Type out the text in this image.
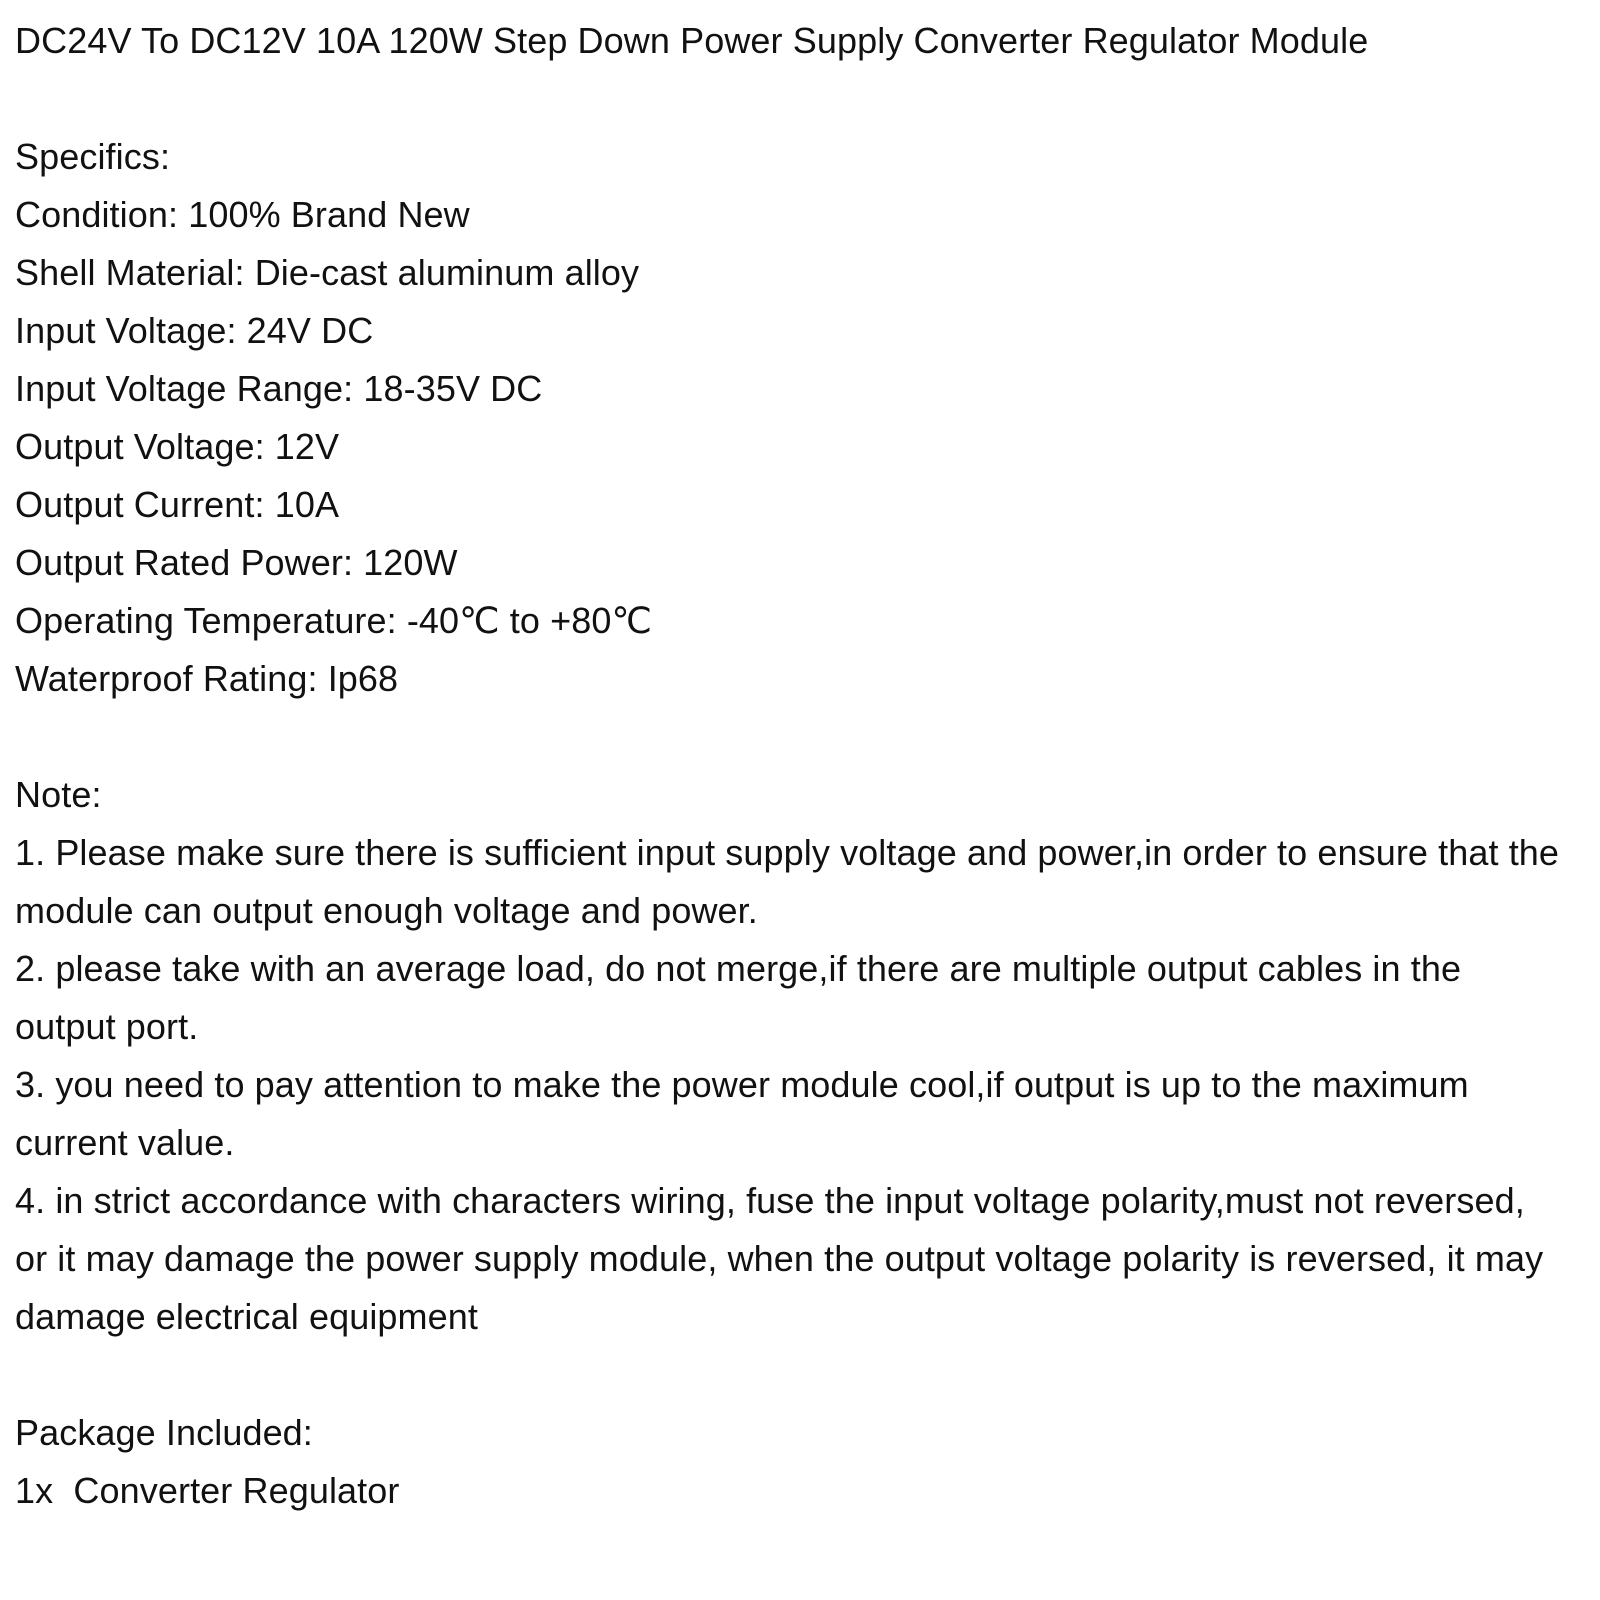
DC24V To DC12V 10A 120W Step Down Power Supply Converter Regulator Module
Specifics:
Condition: 100% Brand New
Shell Material: Die-cast aluminum alloy
Input Voltage: 24V DC
Input Voltage Range: 18-35V DC
Output Voltage: 12V
Output Current: 10A
Output Rated Power: 120W
Operating Temperature: -40℃ to +80℃
Waterproof Rating: Ip68
Note:
1. Please make sure there is sufficient input supply voltage and power,in order to ensure that the module can output enough voltage and power.
2. please take with an average load, do not merge,if there are multiple output cables in the output port.
3. you need to pay attention to make the power module cool,if output is up to the maximum current value.
4. in strict accordance with characters wiring, fuse the input voltage polarity,must not reversed, or it may damage the power supply module, when the output voltage polarity is reversed, it may damage electrical equipment
Package Included:
1x  Converter Regulator
